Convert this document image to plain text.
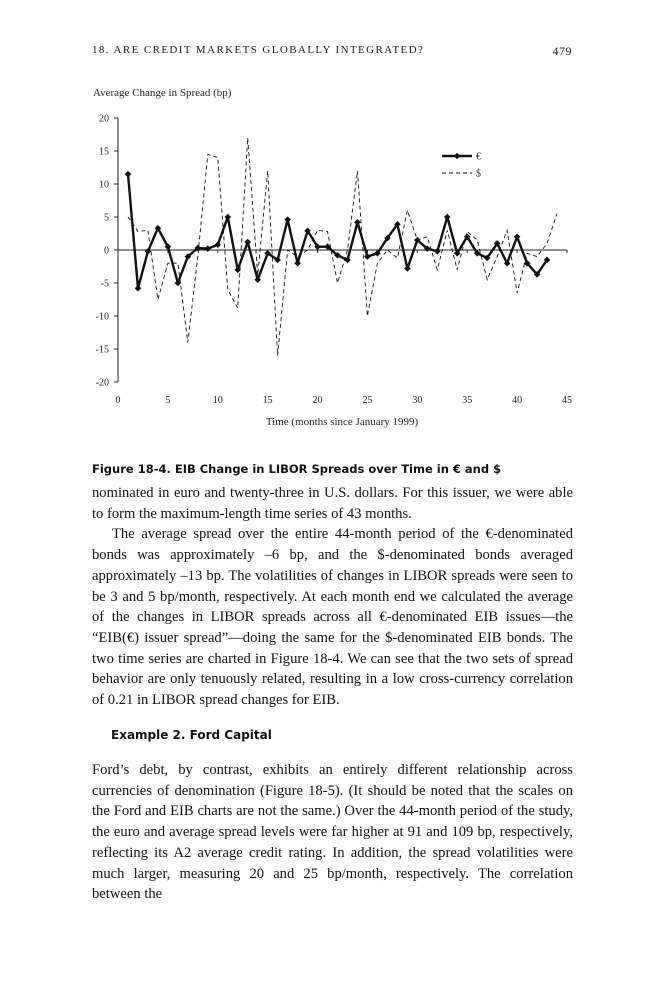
18. ARE CREDIT MARKETS GLOBALLY INTEGRATED?	479
Average Change in Spread (bp)
20
15
10
5
0
-5
-10
-15
-20
0	5	10	15	20	25	30	35	40	45
€
$
Time (months since January 1999)
Figure 18-4. EIB Change in LIBOR Spreads over Time in € and $

nominated in euro and twenty-three in U.S. dollars. For this issuer, we were able to form the maximum-length time series of 43 months.

The average spread over the entire 44-month period of the €-denominated bonds was approximately –6 bp, and the $-denominated bonds averaged approximately –13 bp. The volatilities of changes in LIBOR spreads were seen to be 3 and 5 bp/month, respectively. At each month end we calculated the average of the changes in LIBOR spreads across all €-denominated EIB issues—the “EIB(€) issuer spread”—doing the same for the $-denominated EIB bonds. The two time series are charted in Figure 18-4. We can see that the two sets of spread behavior are only tenuously related, resulting in a low cross-currency correlation of 0.21 in LIBOR spread changes for EIB.

Example 2. Ford Capital

Ford’s debt, by contrast, exhibits an entirely different relationship across currencies of denomination (Figure 18-5). (It should be noted that the scales on the Ford and EIB charts are not the same.) Over the 44-month period of the study, the euro and average spread levels were far higher at 91 and 109 bp, respectively, reflecting its A2 average credit rating. In addition, the spread volatilities were much larger, measuring 20 and 25 bp/month, respectively. The correlation between the
